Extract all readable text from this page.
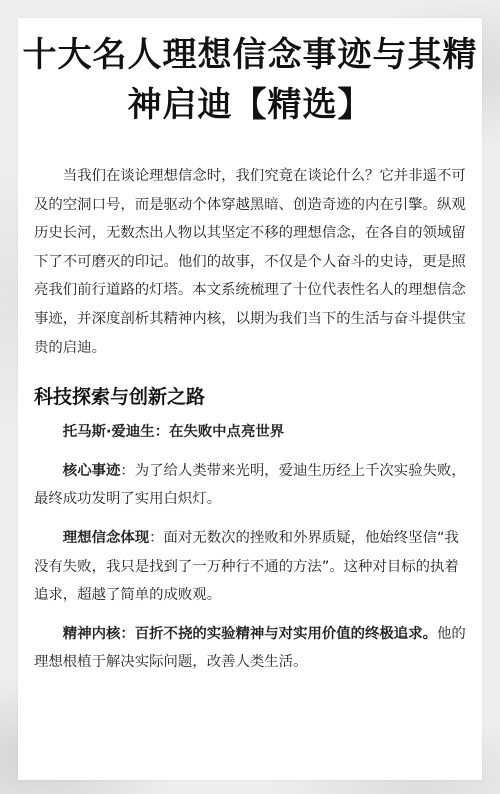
十大名人理想信念事迹与其精
神启迪【精选】

当我们在谈论理想信念时，我们究竟在谈论什么？它并非遥不可及的空洞口号，而是驱动个体穿越黑暗、创造奇迹的内在引擎。纵观历史长河，无数杰出人物以其坚定不移的理想信念，在各自的领域留下了不可磨灭的印记。他们的故事，不仅是个人奋斗的史诗，更是照亮我们前行道路的灯塔。本文系统梳理了十位代表性名人的理想信念事迹，并深度剖析其精神内核，以期为我们当下的生活与奋斗提供宝贵的启迪。

科技探索与创新之路

托马斯·爱迪生：在失败中点亮世界

核心事迹：为了给人类带来光明，爱迪生历经上千次实验失败，最终成功发明了实用白炽灯。

理想信念体现：面对无数次的挫败和外界质疑，他始终坚信“我没有失败，我只是找到了一万种行不通的方法”。这种对目标的执着追求，超越了简单的成败观。

精神内核：百折不挠的实验精神与对实用价值的终极追求。他的理想根植于解决实际问题，改善人类生活。
